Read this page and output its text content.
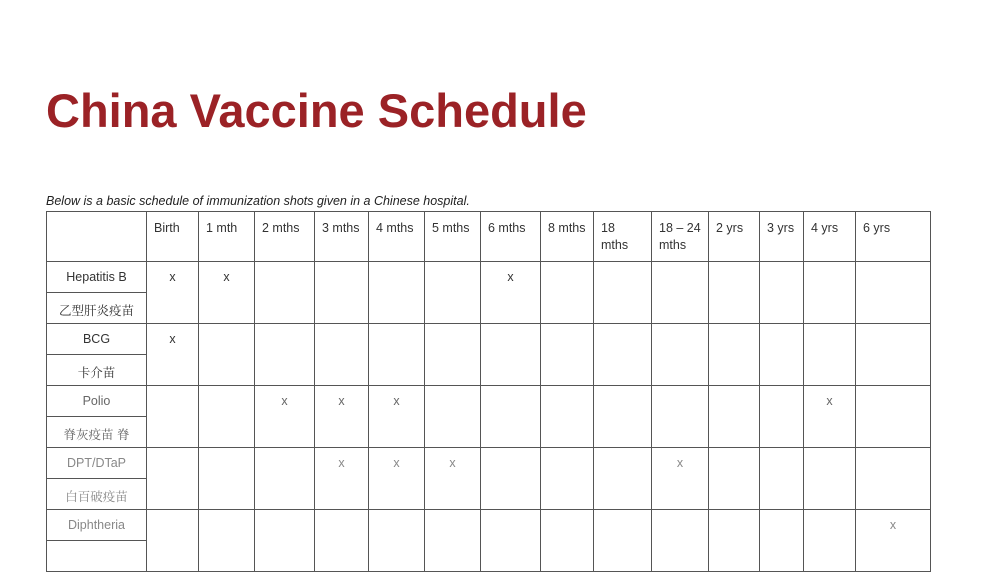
China Vaccine Schedule
Below is a basic schedule of immunization shots given in a Chinese hospital.
	Birth	1 mth	2 mths	3 mths	4 mths	5 mths	6 mths	8 mths	18 mths	18 – 24 mths	2 yrs	3 yrs	4 yrs	6 yrs
Hepatitis B	x	x					x							
乙型肝炎疫苗														
BCG	x													
卡介苗														
Polio			x	x	x								x	
脊灰疫苗 脊														
DPT/DTaP				x	x	x				x				
白百破疫苗														
Diphtheria														x
